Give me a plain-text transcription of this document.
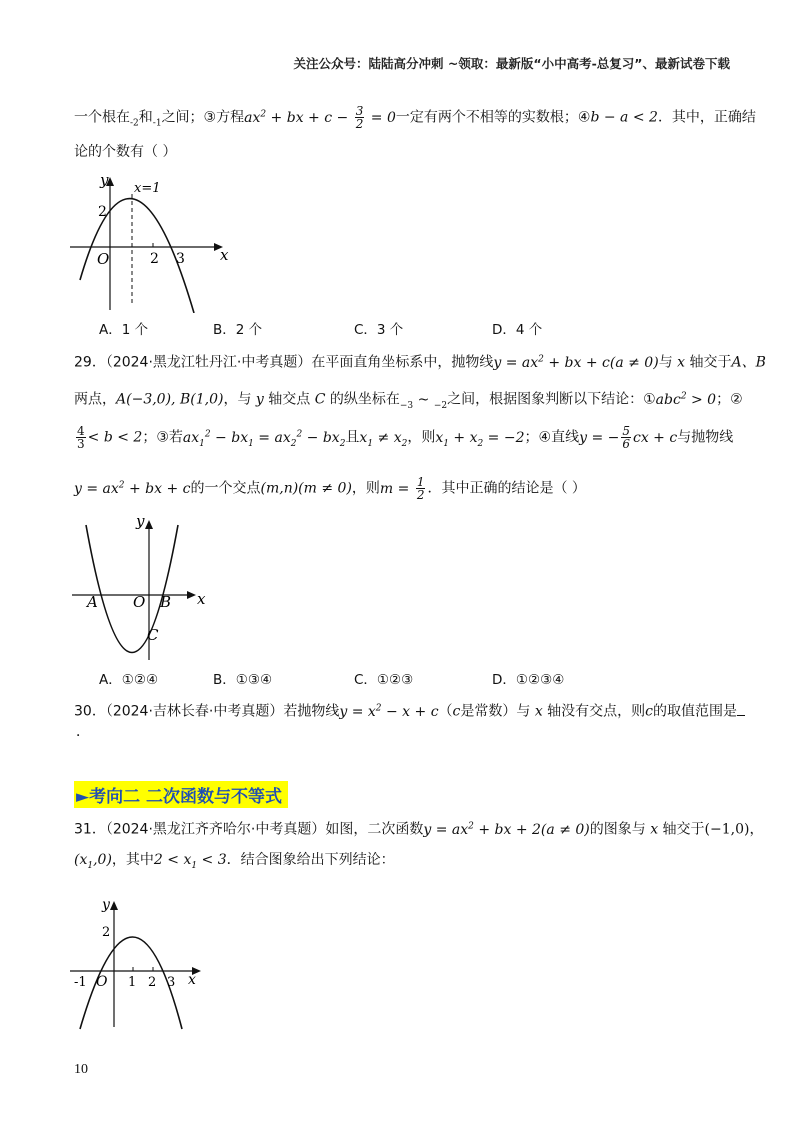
关注公众号：陆陆高分冲刺 ~领取：最新版“小中高考-总复习”、最新试卷下载
一个根在$_{-2}$和$_{-1}$之间；③方程$ax^2$ + bx + $c - \frac{3}{2} = 0$一定有两个不相等的实数根；④b − a < 2．其中，正确结
论的个数有（ ）
x
y
O	2 3
2
x=1
A．1 个	B．2 个	C．3 个	D．4 个
29．（2024·黑龙江牡丹江·中考真题）在平面直角坐标系中，抛物线$y = ax^2$ + bx + c(a ≠ 0)与 x 轴交于A、B
两点，A(−3,0), B(1,0)，与 y 轴交点 C 的纵坐标在$_{-3}$ ~ $_{-2}$之间，根据图象判断以下结论：①abc$^2$ > 0；②
$\frac{4}{3} < b < 2$；③若$ax_1^2 - bx_1 = ax_2^2 - bx_2$且$x_1 \ne x_2$，则$x_1 + x_2 = -2$；④直线y = − $\frac{5}{6}$ cx + c与抛物线
$y = ax^2$ + bx + c的一个交点(m,n)(m ≠ 0)，则$m = \frac{1}{2}$ ．其中正确的结论是（ ）
x
y
O
A	B
C
A．①②④	B．①③④	C．①②③	D．①②③④
30．（2024·吉林长春·中考真题）若抛物线$y = x^2 - x + c(c$是常数）与 x 轴没有交点，则c的取值范围是
．
►考向二 二次函数与不等式
31．（2024·黑龙江齐齐哈尔·中考真题）如图，二次函数$y = ax^2$ + bx + 2(a ≠ 0)的图象与 x 轴交于(−1,0)，
$(x_1,0)$，其中$2 < x_1 < 3$．结合图象给出下列结论：
x
y
-1 O 1 2 3
2
10
